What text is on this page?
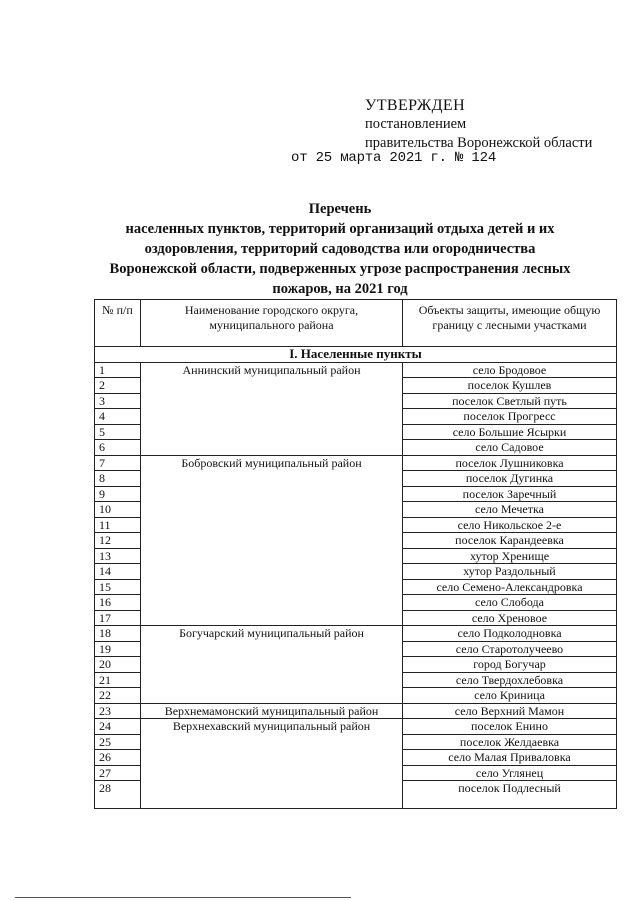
УТВЕРЖДЕН
постановлением
правительства Воронежской области
от 25 марта 2021 г. № 124
Перечень
населенных пунктов, территорий организаций отдыха детей и их
оздоровления, территорий садоводства или огородничества
Воронежской области, подверженных угрозе распространения лесных
пожаров, на 2021 год
№ п/п	Наименование городского округа, муниципального района	Объекты защиты, имеющие общую границу с лесными участками
I. Населенные пункты		
1	Аннинский муниципальный район	село Бродовое
2		поселок Кушлев
3		поселок Светлый путь
4		поселок Прогресс
5		село Большие Ясырки
6		село Садовое
7	Бобровский муниципальный район	поселок Лушниковка
8		поселок Дугинка
9		поселок Заречный
10		село Мечетка
11		село Никольское 2-е
12		поселок Карандеевка
13		хутор Хренище
14		хутор Раздольный
15		село Семено-Александровка
16		село Слобода
17		село Хреновое
18	Богучарский муниципальный район	село Подколодновка
19		село Старотолучеево
20		город Богучар
21		село Твердохлебовка
22		село Криница
23	Верхнемамонский муниципальный район	село Верхний Мамон
24	Верхнехавский муниципальный район	поселок Енино
25		поселок Желдаевка
26		село Малая Приваловка
27		село Углянец
28		поселок Подлесный
